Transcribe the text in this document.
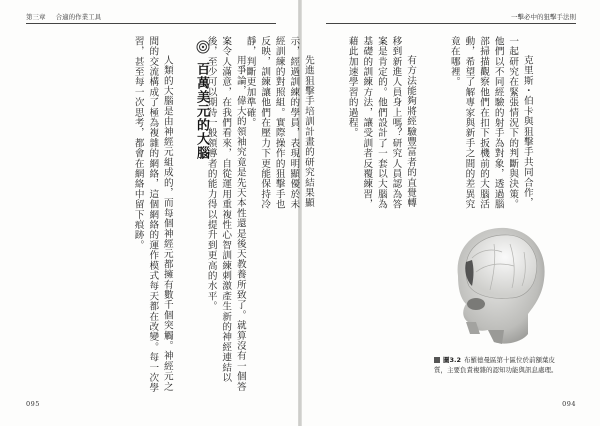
第三章 合適的作業工具

用爭論，偉大的領袖究竟是先天本性還是後天教養所致了。就算沒有一個答案令人滿意，在我們看來，自從運用重複性心智訓練刺激產生新的神經連結以後，至少可以期待一般領導者的能力得以提升到更高的水平。

人類的大腦是由神經元組成的，而每個神經元都擁有數千個突觸。神經元之間的交流構成了極為複雜的網絡，這個網絡的運作模式每天都在改變。每一次學習，甚至每一次思考，都會在網絡中留下痕跡。

	百萬美元的大腦
095
一擊必中的狙擊手法則

克里斯・伯卡與狙擊手共同合作，一起研究在緊張情況下的判斷與決策。他們以不同經驗的射手為對象，透過腦部掃描觀察他們在扣下扳機前的大腦活動，希望了解專家與新手之間的差異究竟在哪裡。

有方法能夠將經驗豐富者的直覺轉移到新進人員身上嗎？研究人員認為答案是肯定的。他們設計了一套以大腦為基礎的訓練方法，讓受訓者反覆練習，藉此加速學習的過程。

先進狙擊手培訓計畫的研究結果顯示，經過訓練的學員，表現明顯優於未經訓練的對照組。實際操作的狙擊手也反映，訓練讓他們在壓力下更能保持冷靜，判斷更加準確。

圖3.2 布羅德曼區第十區位於前額葉皮質，主要負責複雜的認知功能與訊息處理。
094
